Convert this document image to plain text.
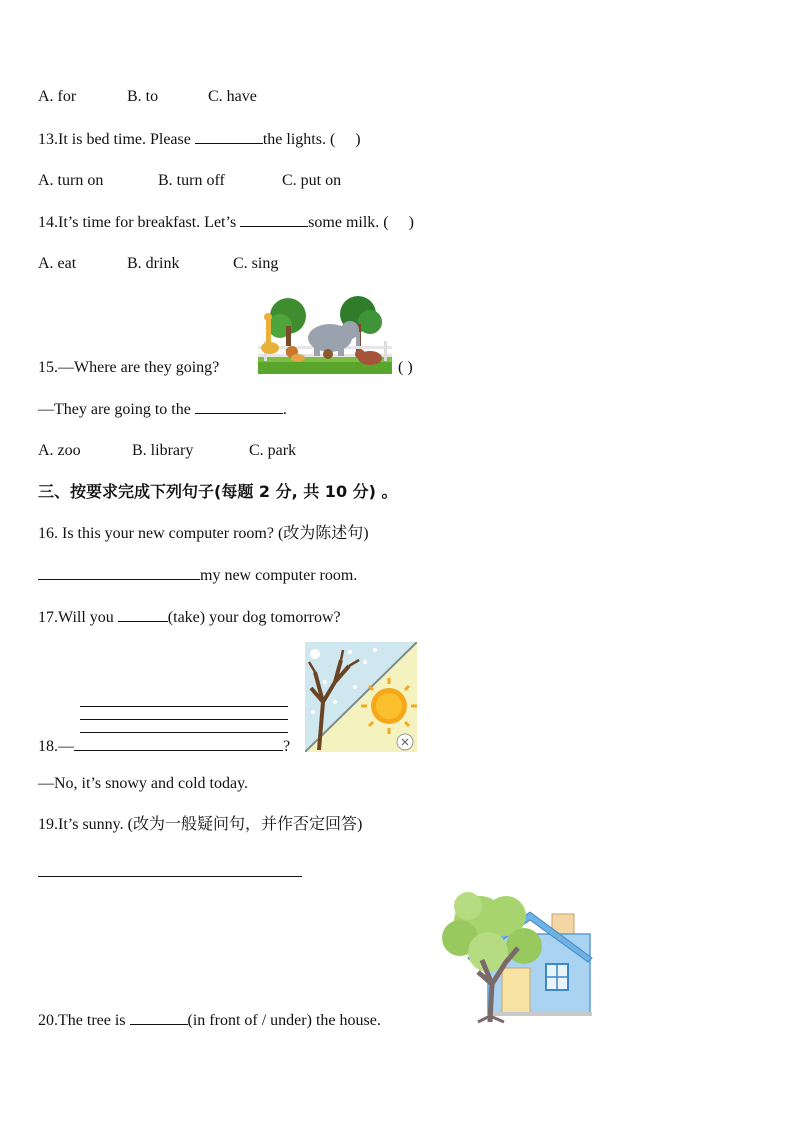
A. for	B. to	C. have
13.It is bed time. Please	the lights. (     )
A. turn on	B. turn off	C. put on
14.It’s time for breakfast. Let’s	some milk. (     )
A. eat	B. drink	C. sing
15.—Where are they going?	( )
—They are going to the	.
A. zoo	B. library	C. park
三、按要求完成下列句子(每题 2 分, 共 10 分) 。
16. Is this your new computer room? (改为陈述句)
my new computer room.
17.Will you	(take) your dog tomorrow?
18.—	?
—No, it’s snowy and cold today.
19.It’s sunny. (改为一般疑问句，并作否定回答)
20.The tree is	(in front of / under) the house.
